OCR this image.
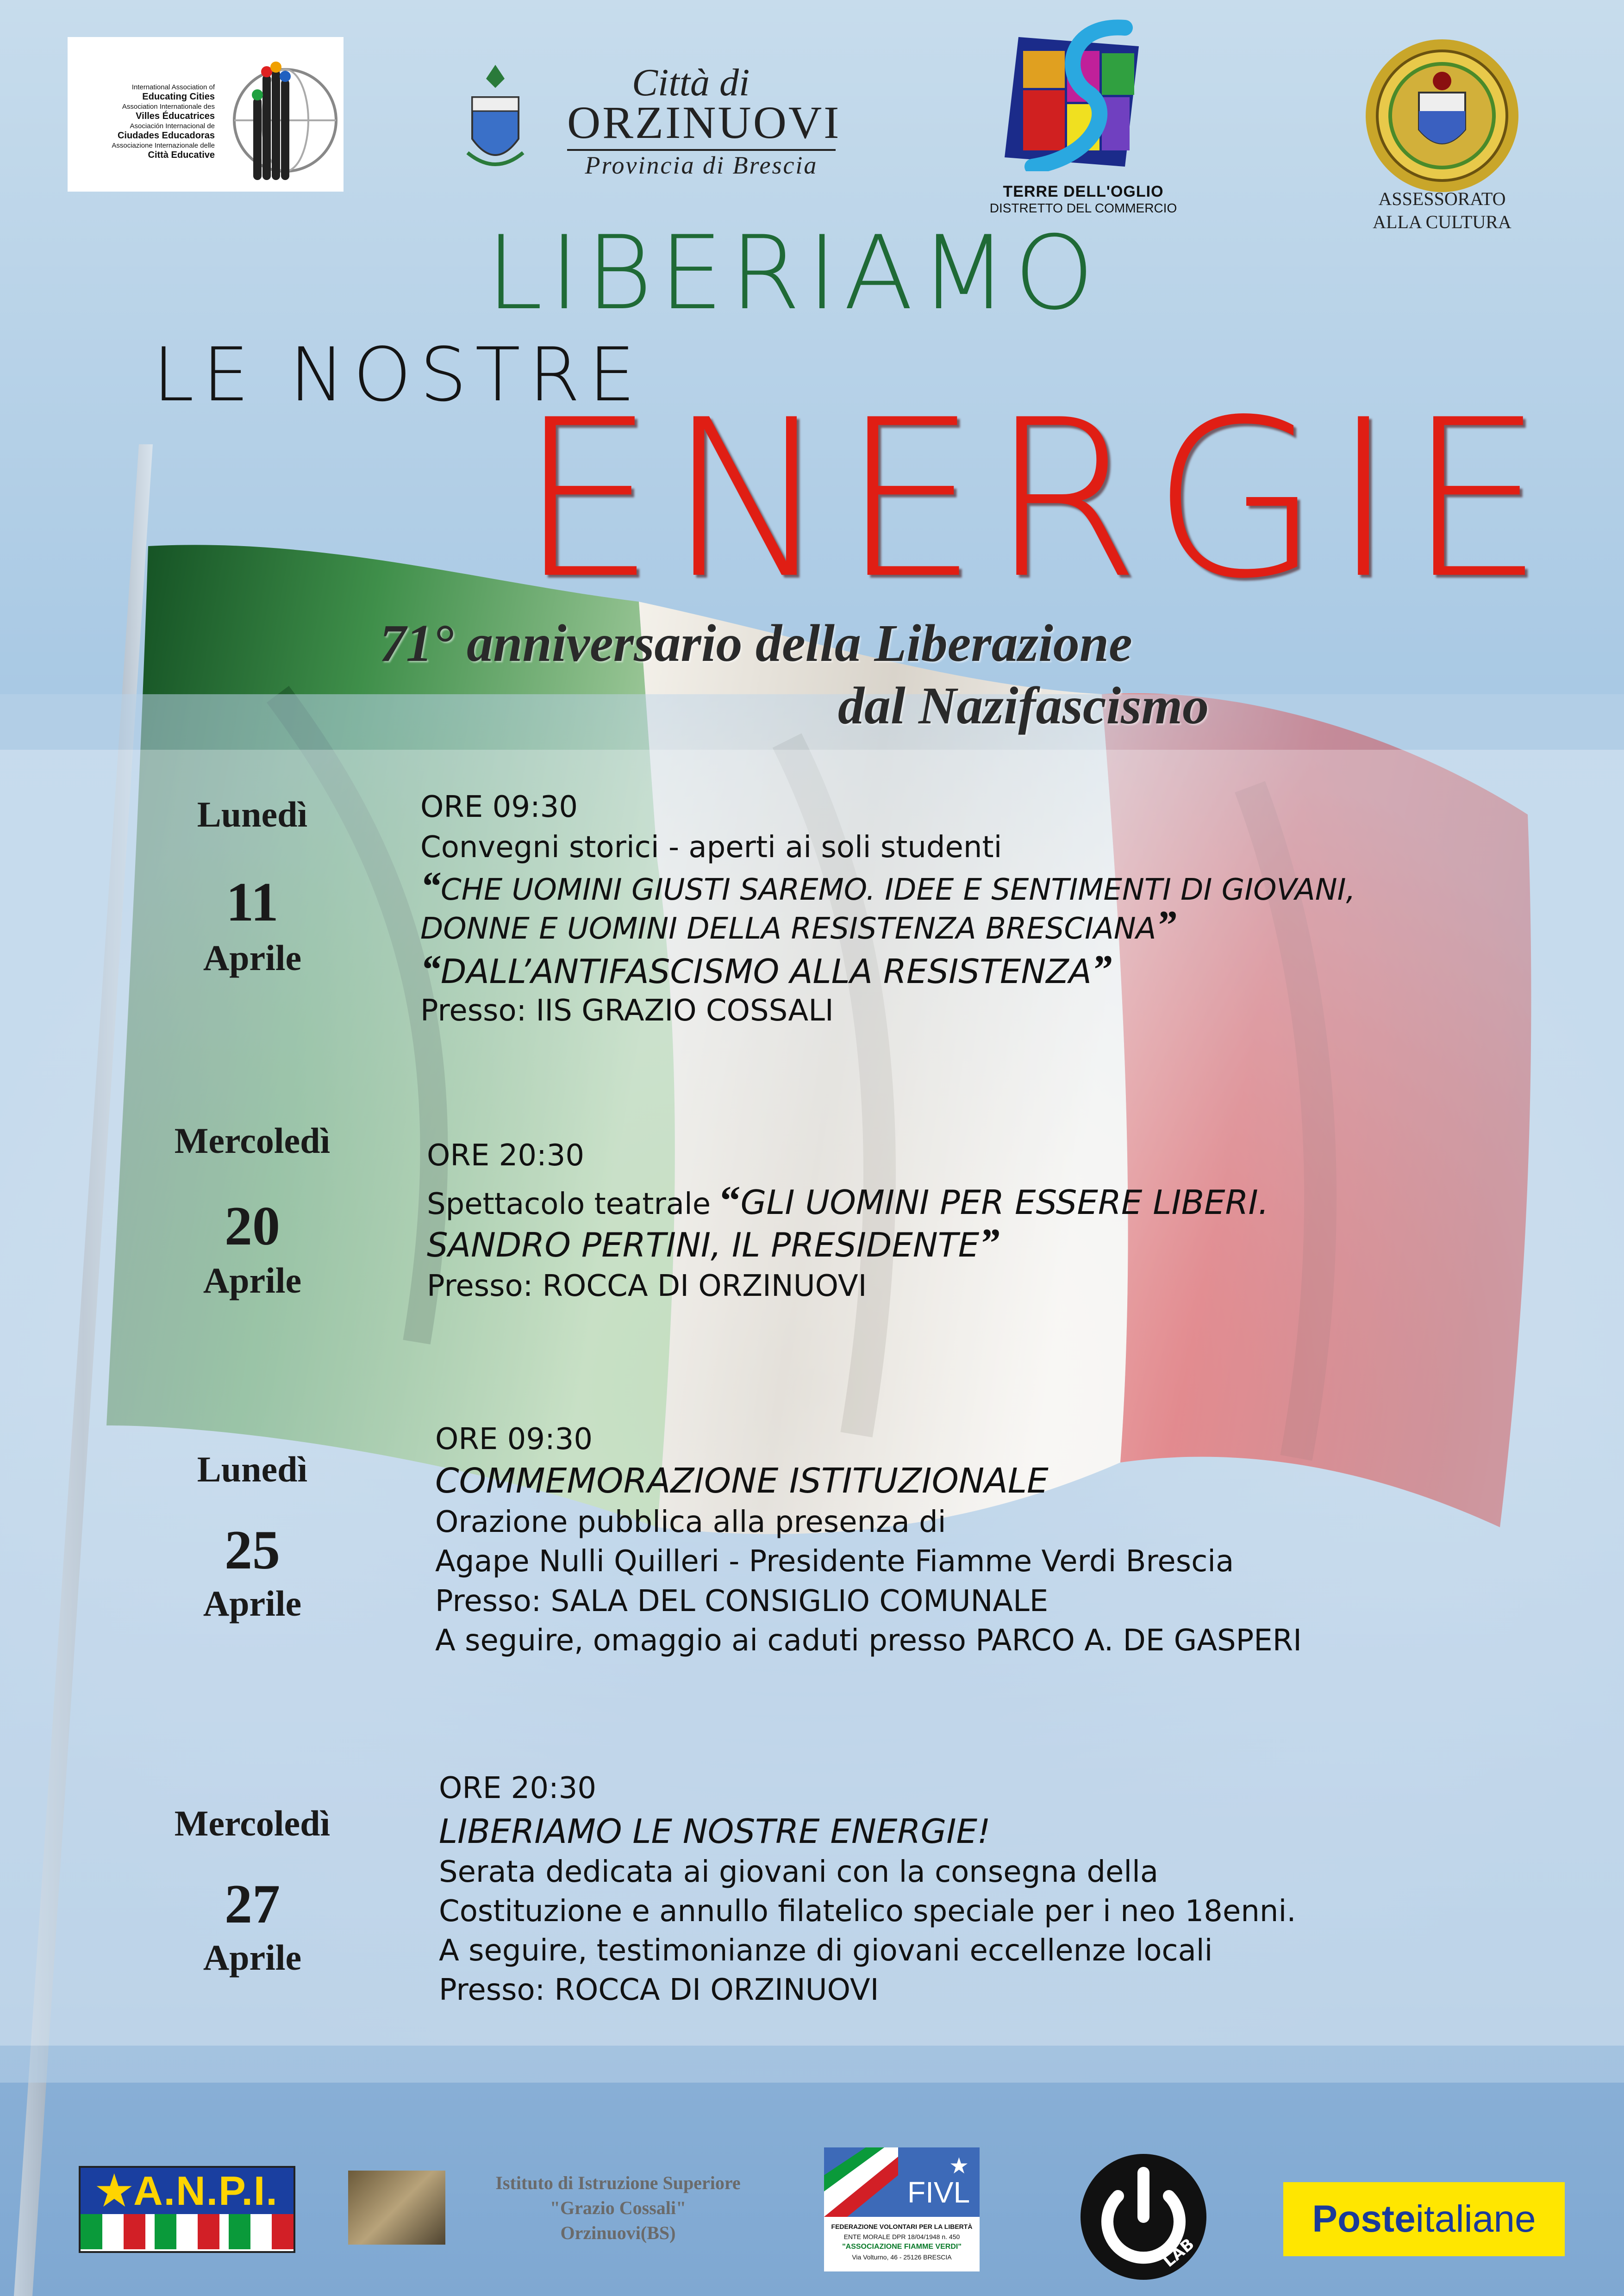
International Association of
Educating Cities
Association Internationale des
Villes Éducatrices
Asociación Internacional de
Ciudades Educadoras
Associazione Internazionale delle
Città Educative
Città di
ORZINUOVI
Provincia di Brescia
TERRE DELL'OGLIO
DISTRETTO DEL COMMERCIO	ASSESSORATO
ALLA CULTURA
LIBERIAMO
LE NOSTRE
ENERGIE
71° anniversario della Liberazione
dal Nazifascismo
Lunedì
11
Aprile
ORE 09:30
Convegni storici - aperti ai soli studenti
“CHE UOMINI GIUSTI SAREMO. IDEE E SENTIMENTI DI GIOVANI,
DONNE E UOMINI DELLA RESISTENZA BRESCIANA”
“DALL’ANTIFASCISMO ALLA RESISTENZA”
Presso: IIS GRAZIO COSSALI
Mercoledì
20
Aprile
ORE 20:30
Spettacolo teatrale “GLI UOMINI PER ESSERE LIBERI.
SANDRO PERTINI, IL PRESIDENTE”
Presso: ROCCA DI ORZINUOVI
Lunedì
25
Aprile
ORE 09:30
COMMEMORAZIONE ISTITUZIONALE
Orazione pubblica alla presenza di
Agape Nulli Quilleri - Presidente Fiamme Verdi Brescia
Presso: SALA DEL CONSIGLIO COMUNALE
A seguire, omaggio ai caduti presso PARCO A. DE GASPERI
Mercoledì
27
Aprile
ORE 20:30
LIBERIAMO LE NOSTRE ENERGIE!
Serata dedicata ai giovani con la consegna della
Costituzione e annullo filatelico speciale per i neo 18enni.
A seguire, testimonianze di giovani eccellenze locali
Presso: ROCCA DI ORZINUOVI
★A.N.P.I.	Istituto di Istruzione Superiore
"Grazio Cossali"
Orzinuovi(BS)
FIVL
★
FEDERAZIONE VOLONTARI PER LA LIBERTÀ
ENTE MORALE DPR 18/04/1948 n. 450
"ASSOCIAZIONE FIAMME VERDI"
Via Volturno, 46 - 25126 BRESCIA	LAB
Poste italiane
